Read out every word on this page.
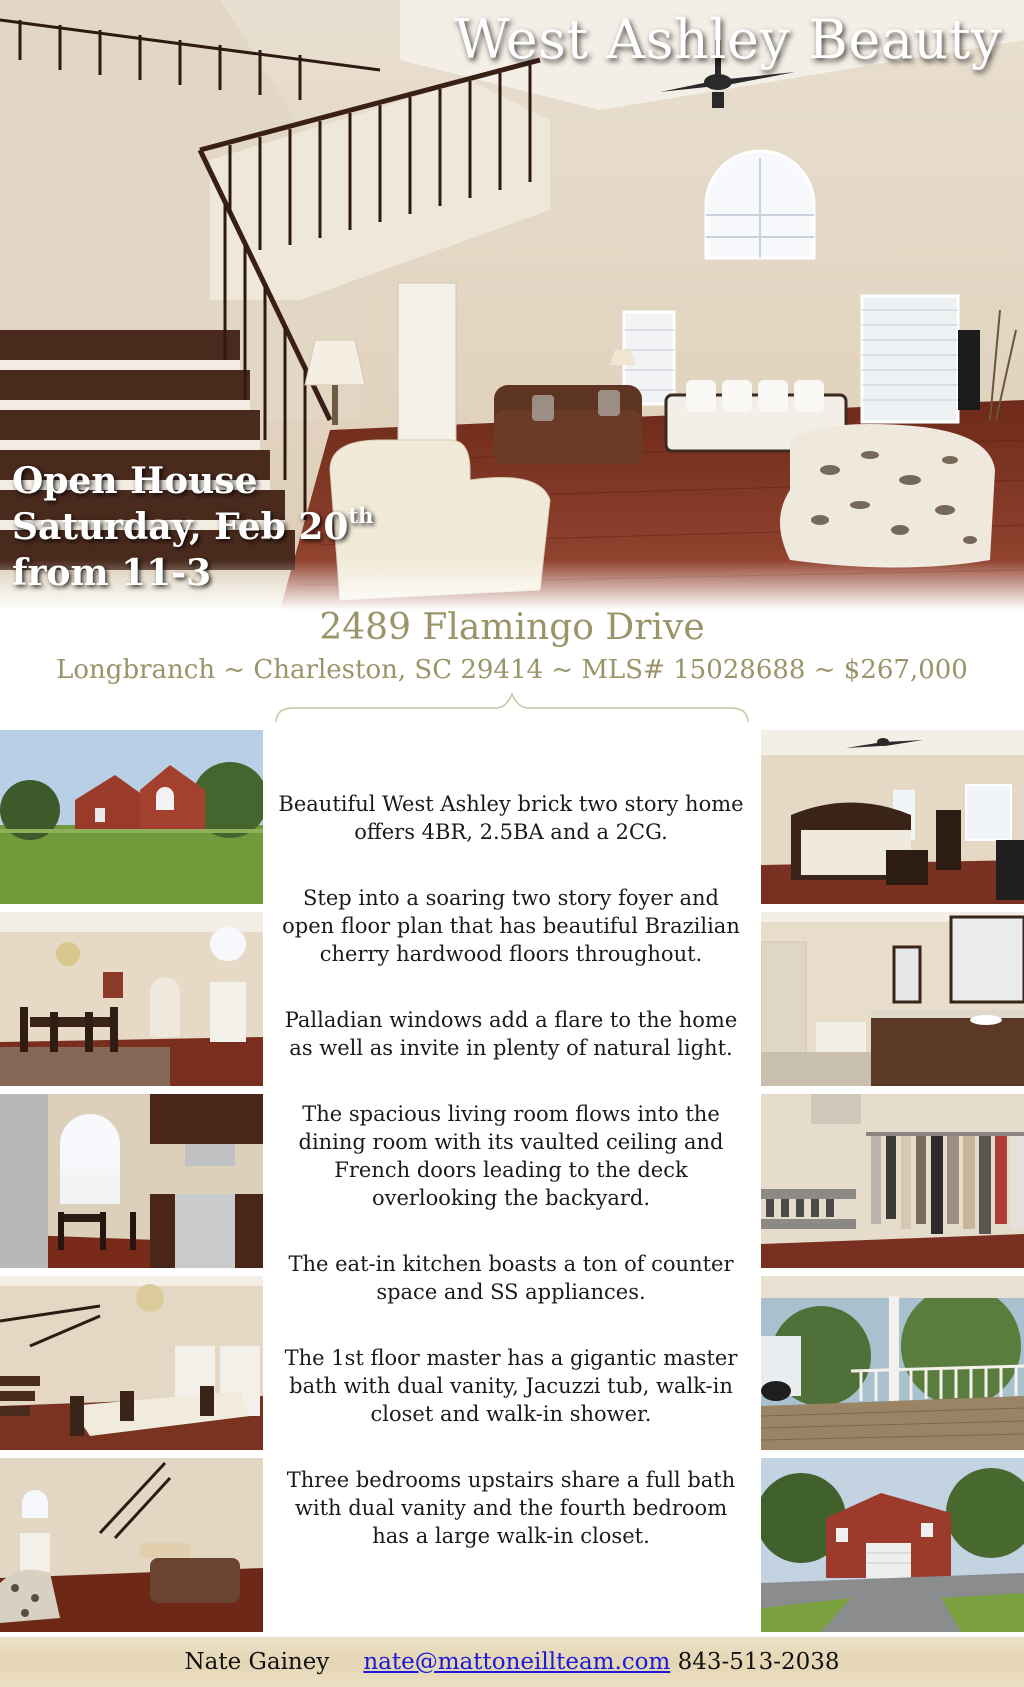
West Ashley Beauty
Open House
Saturday, Feb 20th
from 11-3
2489 Flamingo Drive
Longbranch ~ Charleston, SC 29414 ~ MLS# 15028688 ~ $267,000

Beautiful West Ashley brick two story home offers 4BR, 2.5BA and a 2CG.

Step into a soaring two story foyer and open floor plan that has beautiful Brazilian cherry hardwood floors throughout.

Palladian windows add a flare to the home as well as invite in plenty of natural light.

The spacious living room flows into the dining room with its vaulted ceiling and French doors leading to the deck overlooking the backyard.

The eat-in kitchen boasts a ton of counter space and SS appliances.

The 1st floor master has a gigantic master bath with dual vanity, Jacuzzi tub, walk-in closet and walk-in shower.

Three bedrooms upstairs share a full bath with dual vanity and the fourth bedroom has a large walk-in closet.

Nate Gainey nate@mattoneillteam.com 843-513-2038
